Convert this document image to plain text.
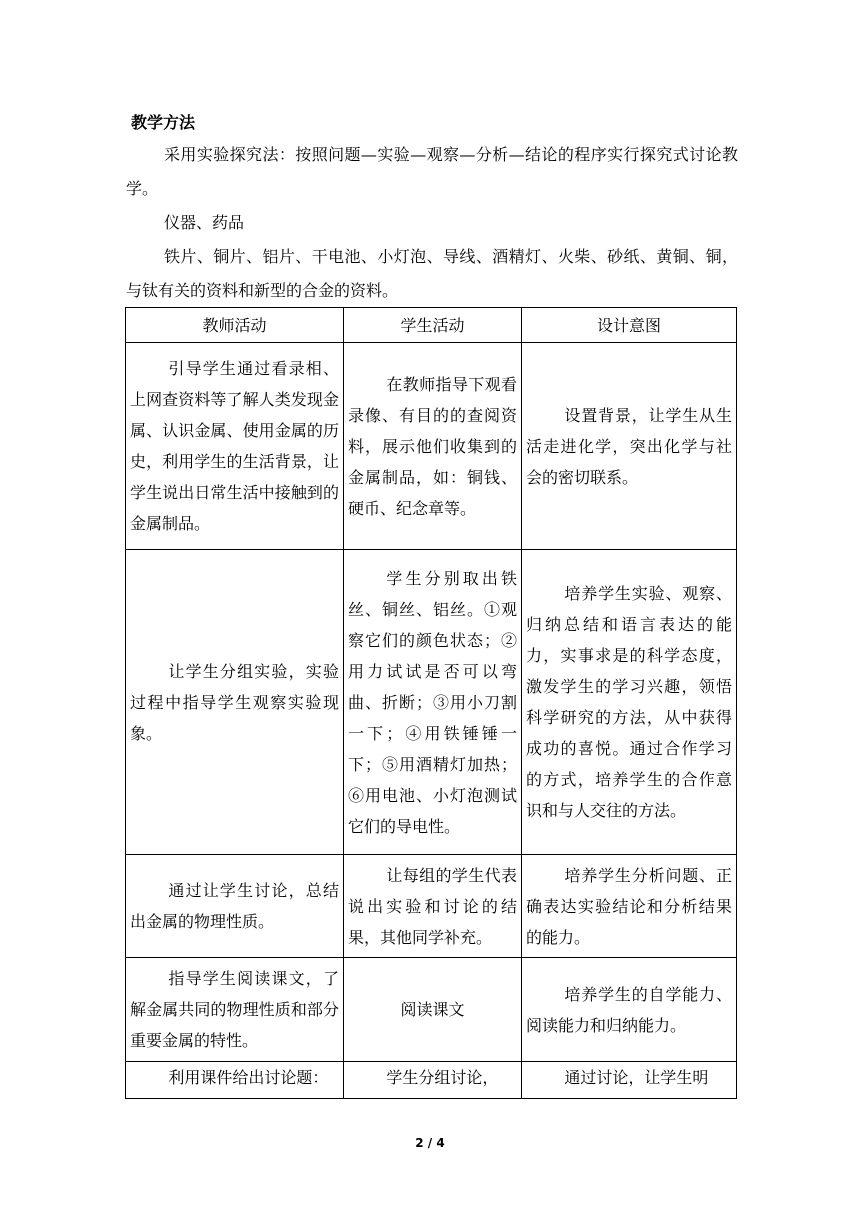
教学方法

采用实验探究法：按照问题—实验—观察—分析—结论的程序实行探究式讨论教学。

仪器、药品

铁片、铜片、铝片、干电池、小灯泡、导线、酒精灯、火柴、砂纸、黄铜、铜，与钛有关的资料和新型的合金的资料。

教师活动	学生活动	设计意图

引导学生通过看录相、上网查资料等了解人类发现金属、认识金属、使用金属的历史，利用学生的生活背景，让学生说出日常生活中接触到的金属制品。	在教师指导下观看录像、有目的的查阅资料，展示他们收集到的金属制品，如：铜钱、硬币、纪念章等。	设置背景，让学生从生活走进化学，突出化学与社会的密切联系。

让学生分组实验，实验过程中指导学生观察实验现象。	学生分别取出铁丝、铜丝、铝丝。①观察它们的颜色状态；②用力试试是否可以弯曲、折断；③用小刀割一下；④用铁锤锤一下；⑤用酒精灯加热；⑥用电池、小灯泡测试它们的导电性。	培养学生实验、观察、归纳总结和语言表达的能力，实事求是的科学态度，激发学生的学习兴趣，领悟科学研究的方法，从中获得成功的喜悦。通过合作学习的方式，培养学生的合作意识和与人交往的方法。

通过让学生讨论，总结出金属的物理性质。	让每组的学生代表说出实验和讨论的结果，其他同学补充。	培养学生分析问题、正确表达实验结论和分析结果的能力。

指导学生阅读课文，了解金属共同的物理性质和部分重要金属的特性。	阅读课文	培养学生的自学能力、阅读能力和归纳能力。

利用课件给出讨论题：	学生分组讨论，	通过讨论，让学生明
2 / 4
